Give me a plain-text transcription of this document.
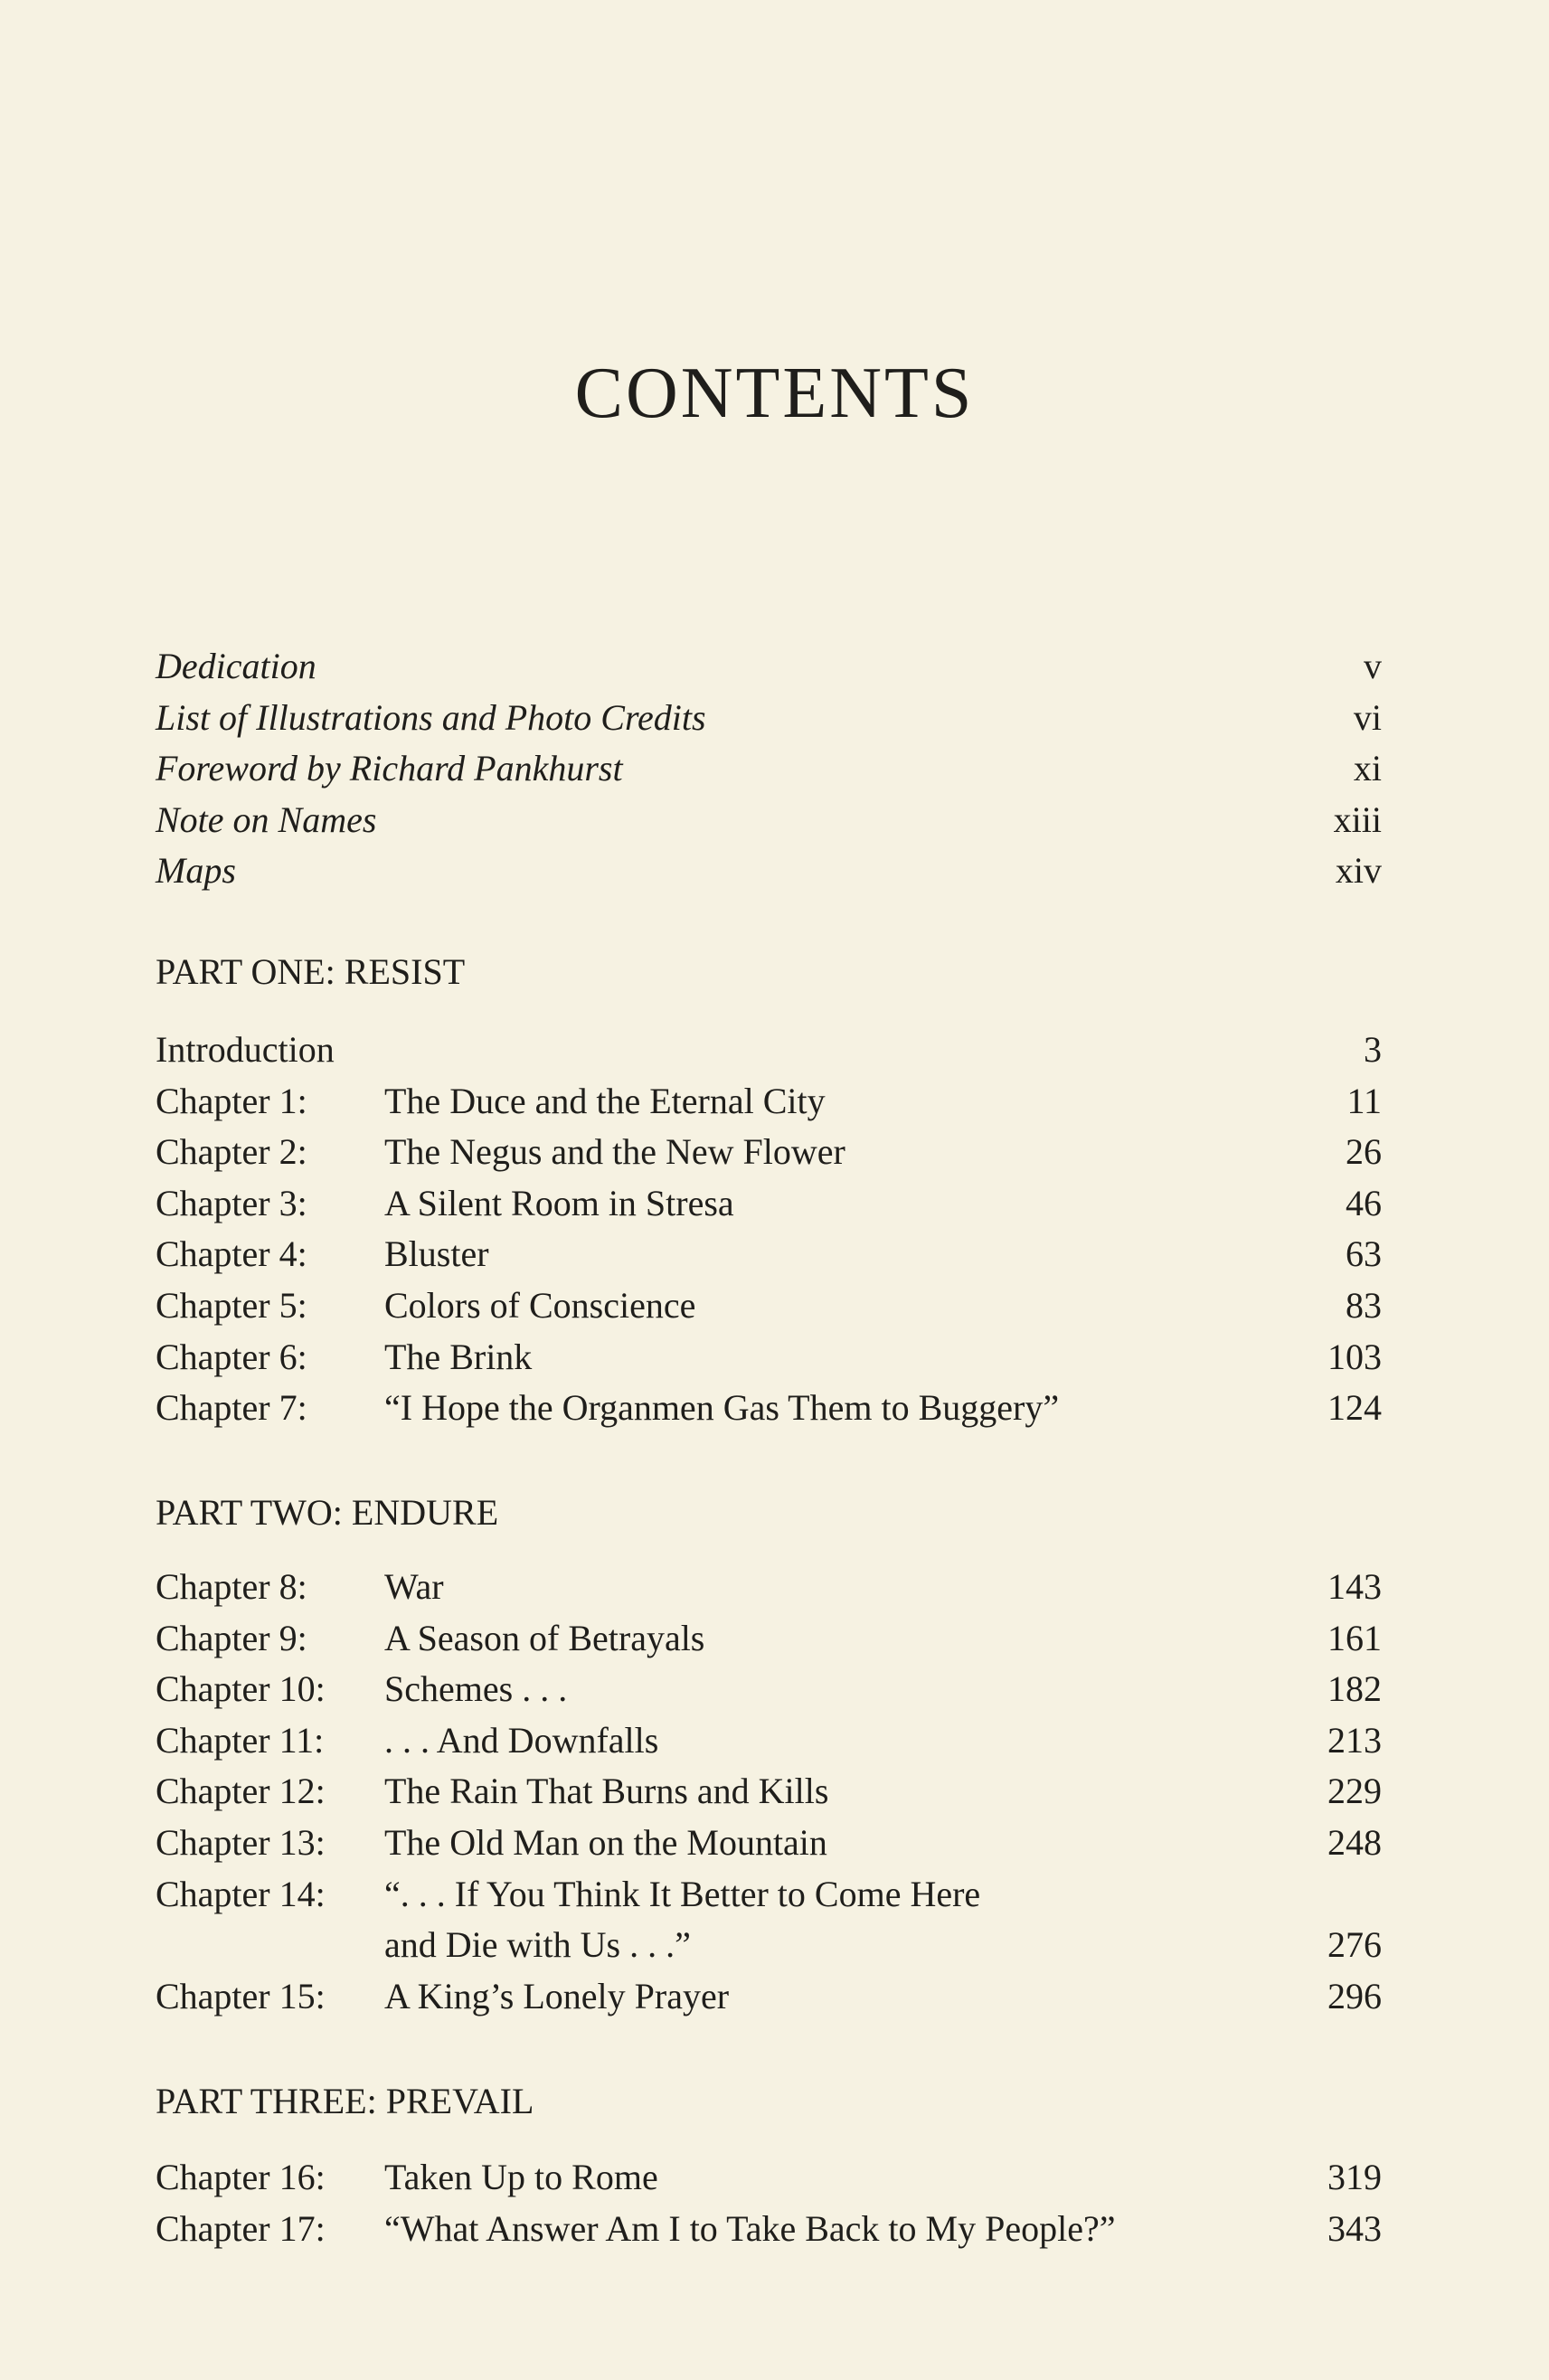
CONTENTS
Dedication	v
List of Illustrations and Photo Credits	vi
Foreword by Richard Pankhurst	xi
Note on Names	xiii
Maps	xiv
PART ONE: RESIST
Introduction	3
Chapter 1:	The Duce and the Eternal City	11
Chapter 2:	The Negus and the New Flower	26
Chapter 3:	A Silent Room in Stresa	46
Chapter 4:	Bluster	63
Chapter 5:	Colors of Conscience	83
Chapter 6:	The Brink	103
Chapter 7:	“I Hope the Organmen Gas Them to Buggery”	124
PART TWO: ENDURE
Chapter 8:	War	143
Chapter 9:	A Season of Betrayals	161
Chapter 10:	Schemes . . .	182
Chapter 11:	. . . And Downfalls	213
Chapter 12:	The Rain That Burns and Kills	229
Chapter 13:	The Old Man on the Mountain	248
Chapter 14:	“. . . If You Think It Better to Come Here
and Die with Us . . .”	276
Chapter 15:	A King’s Lonely Prayer	296
PART THREE: PREVAIL
Chapter 16:	Taken Up to Rome	319
Chapter 17:	“What Answer Am I to Take Back to My People?”	343
